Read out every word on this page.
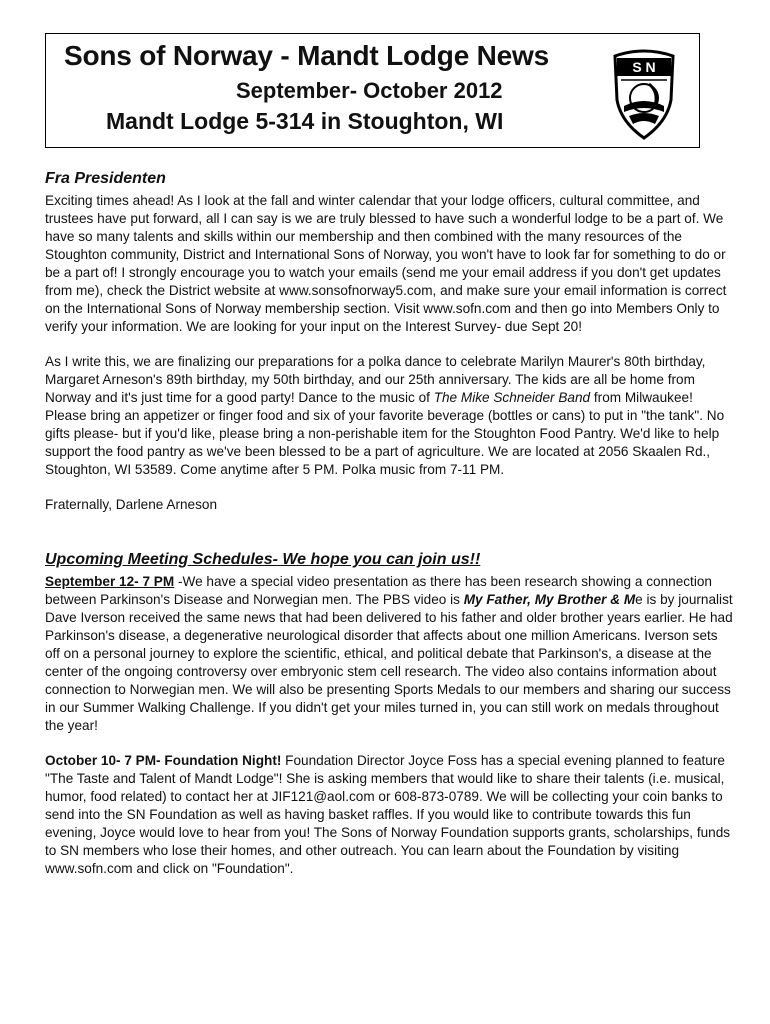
Sons of Norway - Mandt Lodge News
September- October 2012
Mandt Lodge 5-314 in Stoughton, WI
S N
Fra Presidenten

Exciting times ahead! As I look at the fall and winter calendar that your lodge officers, cultural committee, and trustees have put forward, all I can say is we are truly blessed to have such a wonderful lodge to be a part of. We have so many talents and skills within our membership and then combined with the many resources of the Stoughton community, District and International Sons of Norway, you won't have to look far for something to do or be a part of! I strongly encourage you to watch your emails (send me your email address if you don't get updates from me), check the District website at www.sonsofnorway5.com, and make sure your email information is correct on the International Sons of Norway membership section. Visit www.sofn.com and then go into Members Only to verify your information. We are looking for your input on the Interest Survey- due Sept 20!

As I write this, we are finalizing our preparations for a polka dance to celebrate Marilyn Maurer's 80th birthday, Margaret Arneson's 89th birthday, my 50th birthday, and our 25th anniversary. The kids are all be home from Norway and it's just time for a good party! Dance to the music of The Mike Schneider Band from Milwaukee! Please bring an appetizer or finger food and six of your favorite beverage (bottles or cans) to put in "the tank". No gifts please- but if you'd like, please bring a non-perishable item for the Stoughton Food Pantry. We'd like to help support the food pantry as we've been blessed to be a part of agriculture. We are located at 2056 Skaalen Rd., Stoughton, WI 53589. Come anytime after 5 PM. Polka music from 7-11 PM.

Fraternally, Darlene Arneson

Upcoming Meeting Schedules- We hope you can join us!!

September 12- 7 PM -We have a special video presentation as there has been research showing a connection between Parkinson's Disease and Norwegian men. The PBS video is My Father, My Brother & Me is by journalist Dave Iverson received the same news that had been delivered to his father and older brother years earlier. He had Parkinson's disease, a degenerative neurological disorder that affects about one million Americans. Iverson sets off on a personal journey to explore the scientific, ethical, and political debate that Parkinson's, a disease at the center of the ongoing controversy over embryonic stem cell research. The video also contains information about connection to Norwegian men. We will also be presenting Sports Medals to our members and sharing our success in our Summer Walking Challenge. If you didn't get your miles turned in, you can still work on medals throughout the year!

October 10- 7 PM- Foundation Night! Foundation Director Joyce Foss has a special evening planned to feature "The Taste and Talent of Mandt Lodge"! She is asking members that would like to share their talents (i.e. musical, humor, food related) to contact her at JIF121@aol.com or 608-873-0789. We will be collecting your coin banks to send into the SN Foundation as well as having basket raffles. If you would like to contribute towards this fun evening, Joyce would love to hear from you! The Sons of Norway Foundation supports grants, scholarships, funds to SN members who lose their homes, and other outreach. You can learn about the Foundation by visiting www.sofn.com and click on "Foundation".
